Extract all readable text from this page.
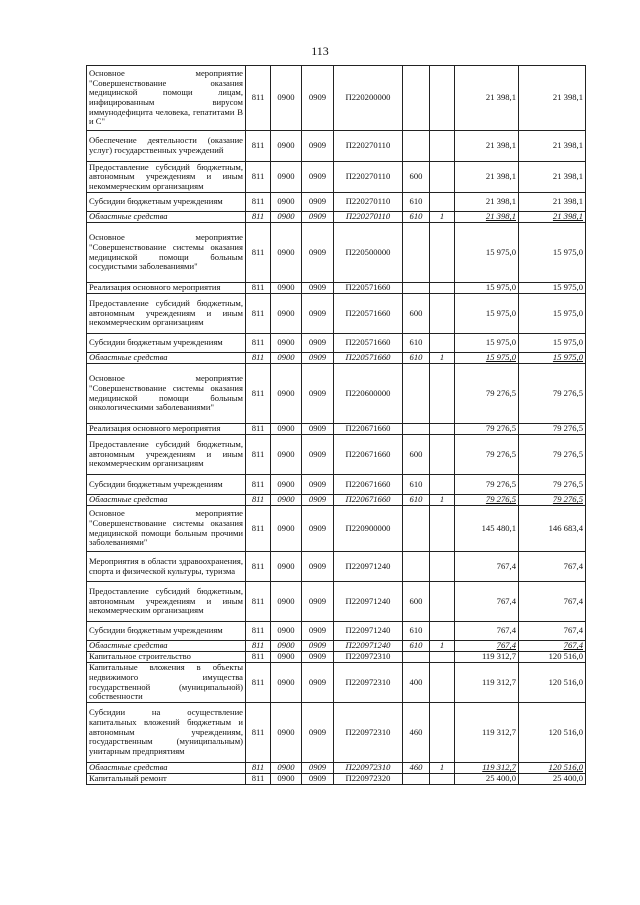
113
Основное мероприятие "Совершенствование оказания медицинской помощи лицам, инфицированным вирусом иммунодефицита человека, гепатитами В и С"	811	0900	0909	П220200000			21 398,1	21 398,1
Обеспечение деятельности (оказание услуг) государственных учреждений	811	0900	0909	П220270110			21 398,1	21 398,1
Предоставление субсидий бюджетным, автономным учреждениям и иным некоммерческим организациям	811	0900	0909	П220270110	600		21 398,1	21 398,1
Субсидии бюджетным учреждениям	811	0900	0909	П220270110	610		21 398,1	21 398,1
Областные средства	811	0900	0909	П220270110	610	1	21 398,1	21 398,1
Основное мероприятие "Совершенствование системы оказания медицинской помощи больным сосудистыми заболеваниями"	811	0900	0909	П220500000			15 975,0	15 975,0
Реализация основного мероприятия	811	0900	0909	П220571660			15 975,0	15 975,0
Предоставление субсидий бюджетным, автономным учреждениям и иным некоммерческим организациям	811	0900	0909	П220571660	600		15 975,0	15 975,0
Субсидии бюджетным учреждениям	811	0900	0909	П220571660	610		15 975,0	15 975,0
Областные средства	811	0900	0909	П220571660	610	1	15 975,0	15 975,0
Основное мероприятие "Совершенствование системы оказания медицинской помощи больным онкологическими заболеваниями"	811	0900	0909	П220600000			79 276,5	79 276,5
Реализация основного мероприятия	811	0900	0909	П220671660			79 276,5	79 276,5
Предоставление субсидий бюджетным, автономным учреждениям и иным некоммерческим организациям	811	0900	0909	П220671660	600		79 276,5	79 276,5
Субсидии бюджетным учреждениям	811	0900	0909	П220671660	610		79 276,5	79 276,5
Областные средства	811	0900	0909	П220671660	610	1	79 276,5	79 276,5
Основное мероприятие "Совершенствование системы оказания медицинской помощи больным прочими заболеваниями"	811	0900	0909	П220900000			145 480,1	146 683,4
Мероприятия в области здравоохранения, спорта и физической культуры, туризма	811	0900	0909	П220971240			767,4	767,4
Предоставление субсидий бюджетным, автономным учреждениям и иным некоммерческим организациям	811	0900	0909	П220971240	600		767,4	767,4
Субсидии бюджетным учреждениям	811	0900	0909	П220971240	610		767,4	767,4
Областные средства	811	0900	0909	П220971240	610	1	767,4	767,4
Капитальное строительство	811	0900	0909	П220972310			119 312,7	120 516,0
Капитальные вложения в объекты недвижимого имущества государственной (муниципальной) собственности	811	0900	0909	П220972310	400		119 312,7	120 516,0
Субсидии на осуществление капитальных вложений бюджетным и автономным учреждениям, государственным (муниципальным) унитарным предприятиям	811	0900	0909	П220972310	460		119 312,7	120 516,0
Областные средства	811	0900	0909	П220972310	460	1	119 312,7	120 516,0
Капитальный ремонт	811	0900	0909	П220972320			25 400,0	25 400,0
